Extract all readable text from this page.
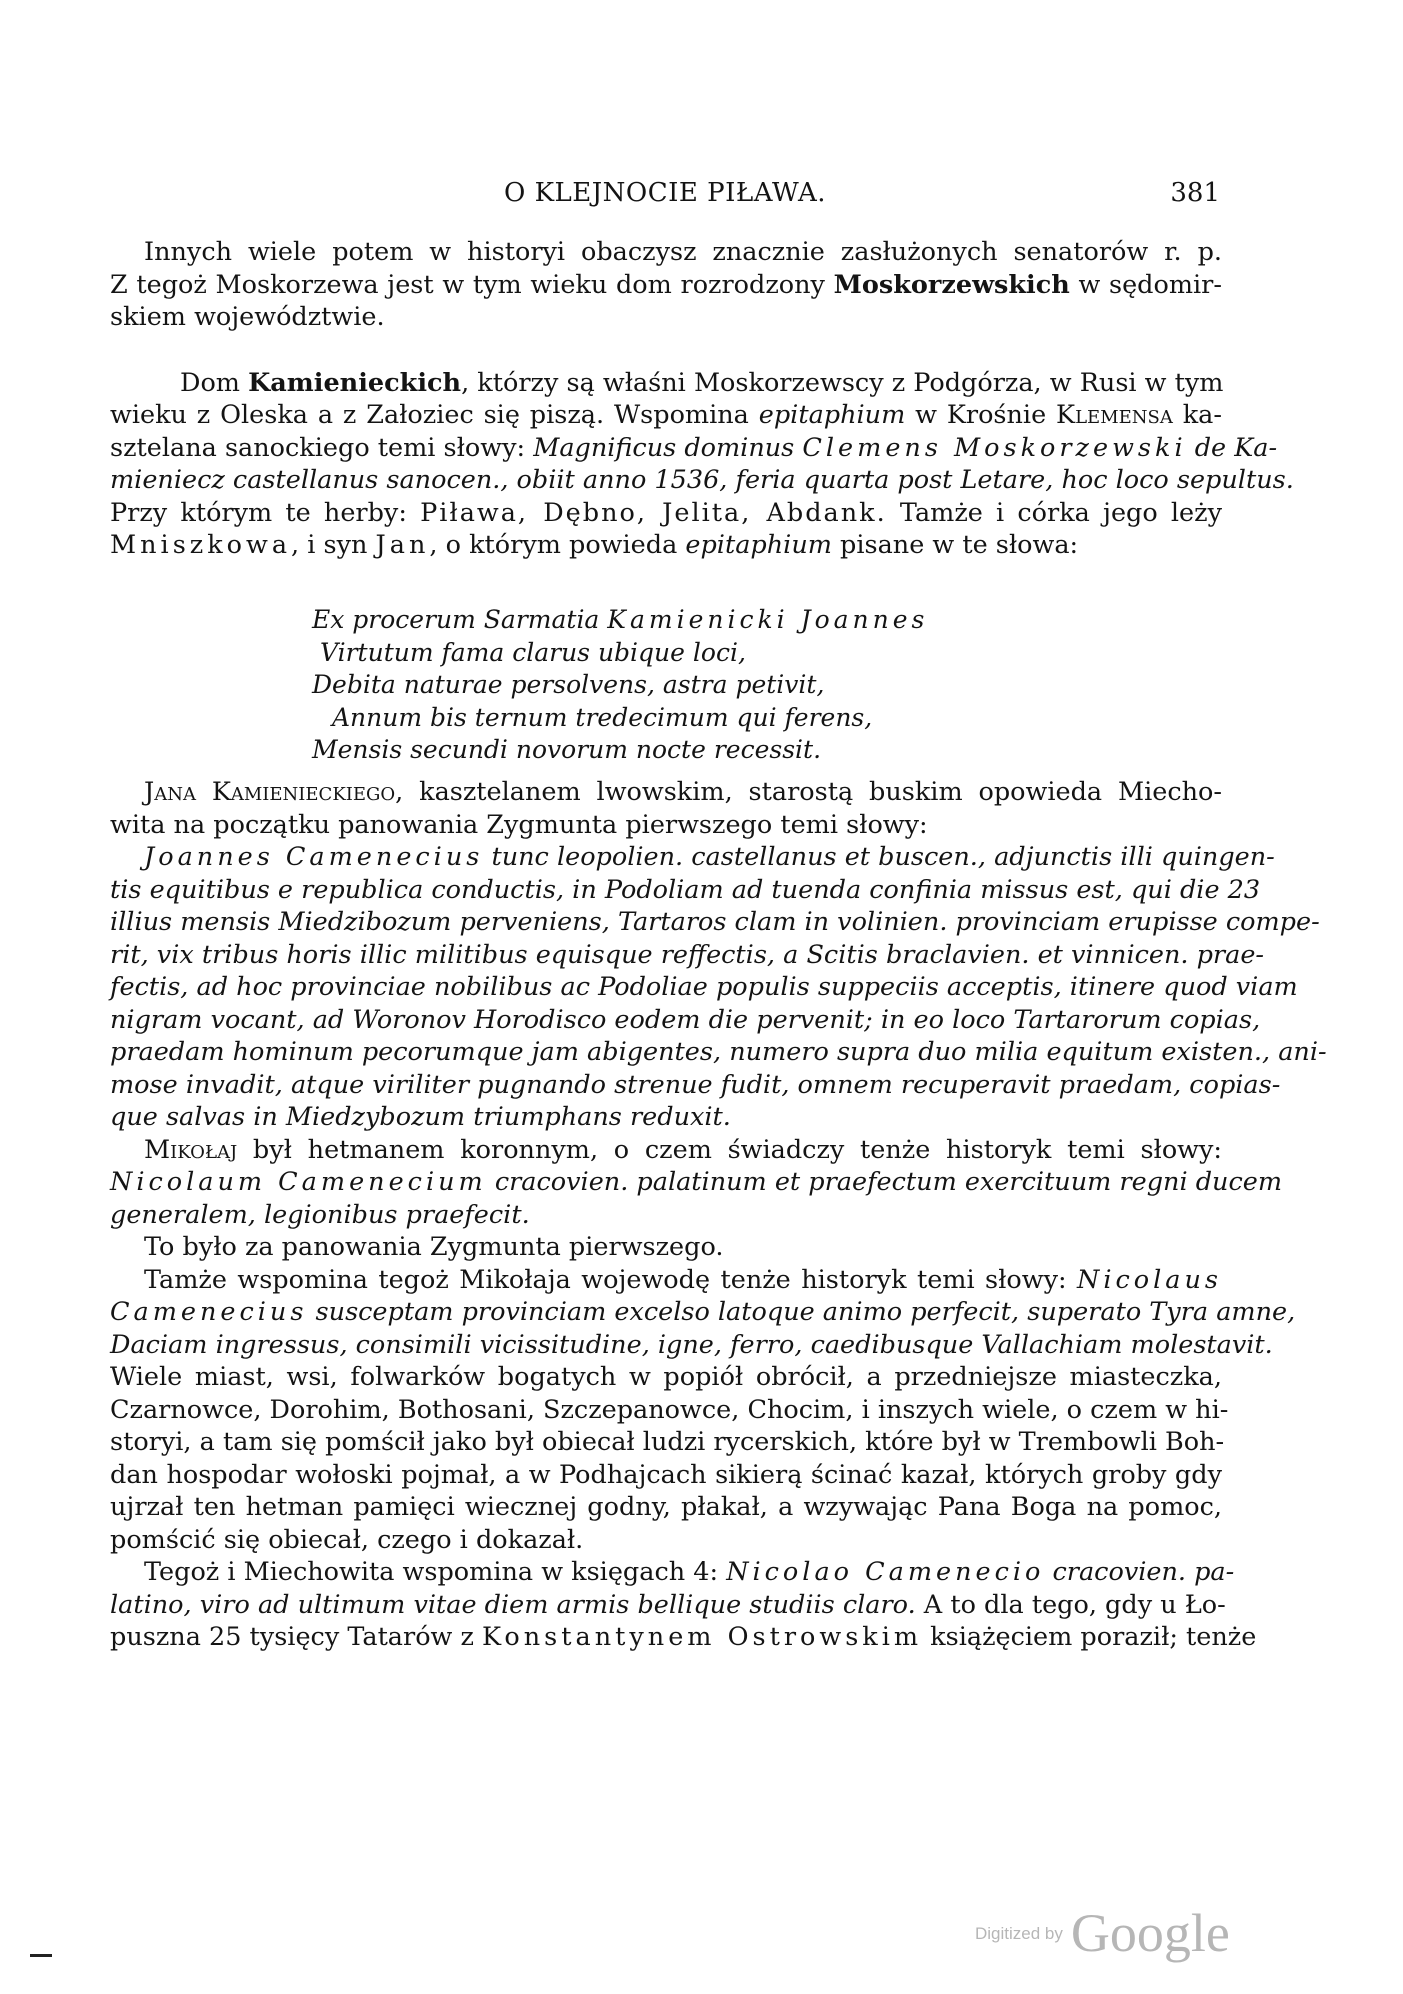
O KLEJNOCIE PIŁAWA.	381
Innych wiele potem w historyi obaczysz znacznie zasłużonych senatorów r. p.
Z tegoż Moskorzewa jest w tym wieku dom rozrodzony Moskorzewskich w sędomir-
skiem województwie.
Dom Kamienieckich, którzy są właśni Moskorzewscy z Podgórza, w Rusi w tym
wieku z Oleska a z Załoziec się piszą. Wspomina epitaphium w Krośnie Klemensa ka-
sztelana sanockiego temi słowy: Magnificus dominus Clemens Moskorzewski de Ka-
mieniecz castellanus sanocen., obiit anno 1536, feria quarta post Letare, hoc loco sepultus.
Przy którym te herby: Piława, Dębno, Jelita, Abdank. Tamże i córka jego leży
Mniszkowa, i syn Jan, o którym powieda epitaphium pisane w te słowa:
Ex procerum Sarmatia Kamienicki Joannes
Virtutum fama clarus ubique loci,
Debita naturae persolvens, astra petivit,
Annum bis ternum tredecimum qui ferens,
Mensis secundi novorum nocte recessit.
Jana Kamienieckiego, kasztelanem lwowskim, starostą buskim opowieda Miecho-
wita na początku panowania Zygmunta pierwszego temi słowy:
Joannes Camenecius tunc leopolien. castellanus et buscen., adjunctis illi quingen-
tis equitibus e republica conductis, in Podoliam ad tuenda confinia missus est, qui die 23
illius mensis Miedzibozum perveniens, Tartaros clam in volinien. provinciam erupisse compe-
rit, vix tribus horis illic militibus equisque reffectis, a Scitis braclavien. et vinnicen. prae-
fectis, ad hoc provinciae nobilibus ac Podoliae populis suppeciis acceptis, itinere quod viam
nigram vocant, ad Woronov Horodisco eodem die pervenit; in eo loco Tartarorum copias,
praedam hominum pecorumque jam abigentes, numero supra duo milia equitum existen., ani-
mose invadit, atque viriliter pugnando strenue fudit, omnem recuperavit praedam, copias-
que salvas in Miedzybozum triumphans reduxit.
Mikołaj był hetmanem koronnym, o czem świadczy tenże historyk temi słowy:
Nicolaum Camenecium cracovien. palatinum et praefectum exercituum regni ducem
generalem, legionibus praefecit.
To było za panowania Zygmunta pierwszego.
Tamże wspomina tegoż Mikołaja wojewodę tenże historyk temi słowy: Nicolaus
Camenecius susceptam provinciam excelso latoque animo perfecit, superato Tyra amne,
Daciam ingressus, consimili vicissitudine, igne, ferro, caedibusque Vallachiam molestavit.
Wiele miast, wsi, folwarków bogatych w popiół obrócił, a przedniejsze miasteczka,
Czarnowce, Dorohim, Bothosani, Szczepanowce, Chocim, i inszych wiele, o czem w hi-
storyi, a tam się pomścił jako był obiecał ludzi rycerskich, które był w Trembowli Boh-
dan hospodar wołoski pojmał, a w Podhajcach sikierą ścinać kazał, których groby gdy
ujrzał ten hetman pamięci wiecznej godny, płakał, a wzywając Pana Boga na pomoc,
pomścić się obiecał, czego i dokazał.
Tegoż i Miechowita wspomina w księgach 4: Nicolao Camenecio cracovien. pa-
latino, viro ad ultimum vitae diem armis bellique studiis claro. A to dla tego, gdy u Ło-
puszna 25 tysięcy Tatarów z Konstantynem Ostrowskim książęciem poraził; tenże
Digitized by Google
